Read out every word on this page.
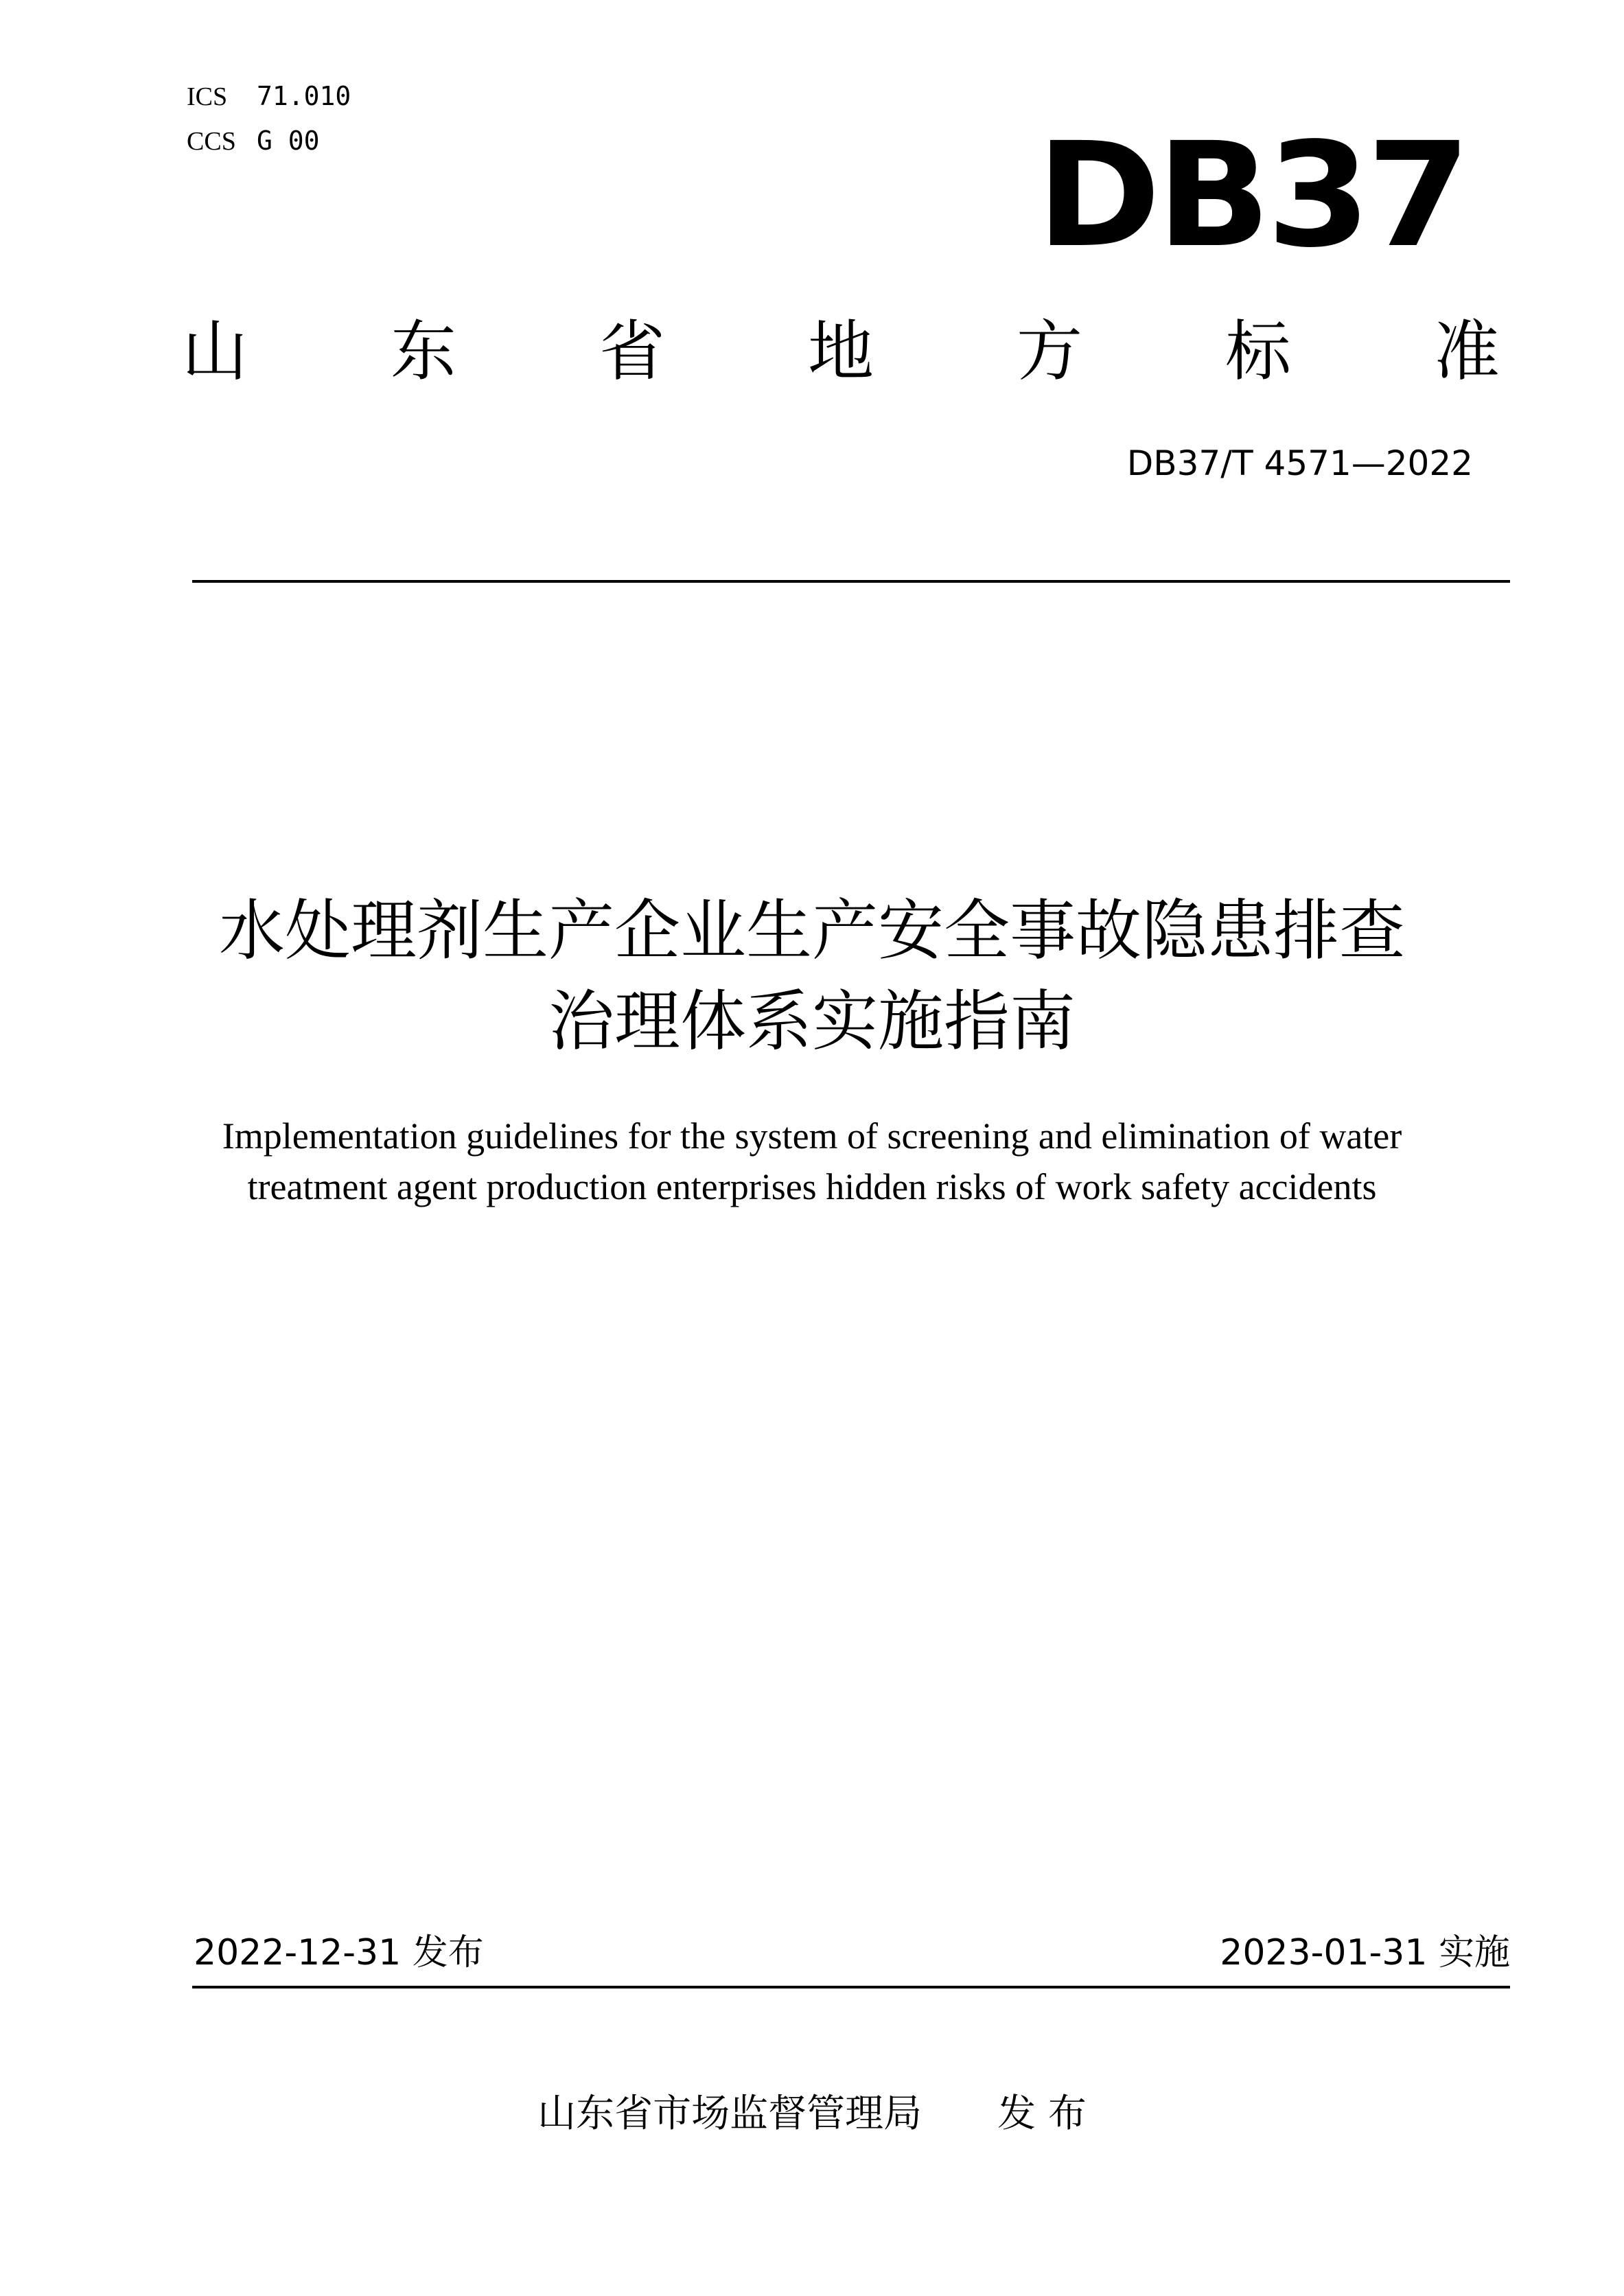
ICS 71.010
CCS G 00	DB37
山 东 省 地 方 标 准
DB37/T 4571—2022
水处理剂生产企业生产安全事故隐患排查
治理体系实施指南
Implementation guidelines for the system of screening and elimination of water
treatment agent production enterprises hidden risks of work safety accidents
2022-12-31 发布	2023-01-31 实施
山东省市场监督管理局 发 布
